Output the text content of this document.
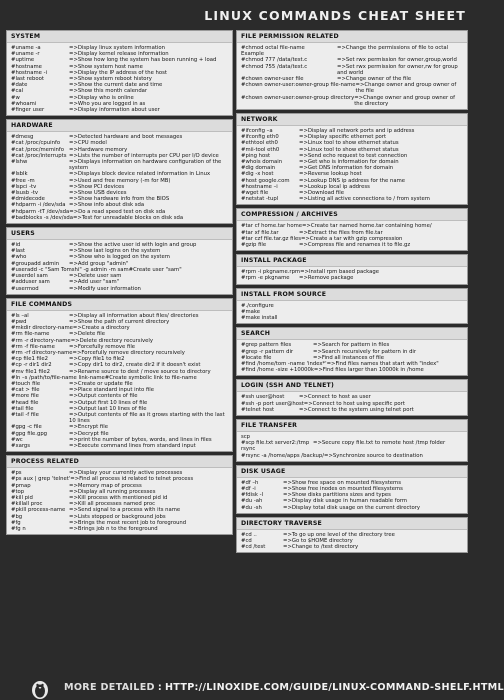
LINUX COMMANDS CHEAT SHEET
SYSTEM
#uname -a	=>Display linux system information
#uname -r	=>Display kernel release information
#uptime	=>Show how long the system has been running + load
#hostname	=>Show system host name
#hostname -i	=>Display the IP address of the host
#last reboot	=>Show system reboot history
#date	=>Show the current date and time
#cal	=>Show this month calendar
#w	=>Display who is online
#whoami	=>Who you are logged in as
#finger user	=>Display information about user
HARDWARE
#dmesg	=>Detected hardware and boot messages
#cat /proc/cpuinfo	=>CPU model
#cat /proc/meminfo =>Hardware memory
#cat /proc/interrupts =>Lists the number of interrupts per CPU per I/O device
#lshw	=>Displays information on hardware configuration of the system
#lsblk	=>Displays block device related information in Linux
#free -m	=>Used and free memory (-m for MB)
#lspci -tv	=>Show PCI devices
#lsusb -tv	=>Show USB devices
#dmidecode	=>Show hardware info from the BIOS
#hdparm -i /dev/sda =>Show info about disk sda
#hdparm -tT /dev/sda =>Do a read speed test on disk sda
#badblocks -s /dev/sda =>Test for unreadable blocks on disk sda
USERS
#id	=>Show the active user id with login and group
#last	=>Show last logins on the system
#who	=>Show who is logged on the system
#groupadd admin	=>Add group "admin"
#useradd -c "Sam Tomshi" -g admin -m sam #Create user "sam"
#userdel sam	=>Delete user sam
#adduser sam	=>Add user "sam"
#usermod	=>Modify user information
FILE COMMANDS
#ls –al	=>Display all information about files/ directories
#pwd	=>Show the path of current directory
#mkdir directory-name =>Create a directory
#rm file-name	=>Delete file
#rm -r directory-name =>Delete directory recursively
#rm -f file-name	=>Forcefully remove file
#rm -rf directory-name =>Forcefully remove directory recursively
#cp file1 file2	=>Copy file1 to file2
#cp -r dir1 dir2	=>Copy dir1 to dir2, create dir2 if it doesn't exist
#mv file1 file2	=>Rename source to dest / move source to directory
#ln –s /path/to/file-name link-name #Create symbolic link to file-name
#touch file	=>Create or update file
#cat > file	=>Place standard input into file
#more file	=>Output contents of file
#head file	=>Output first 10 lines of file
#tail file	=>Output last 10 lines of file
#tail -f file	=>Output contents of file as it grows starting with the last 10 lines
#gpg -c file	=>Encrypt file
#gpg file.gpg	=>Decrypt file
#wc	=>print the number of bytes, words, and lines in files
#xargs	=>Execute command lines from standard input
PROCESS RELATED
#ps	=>Display your currently active processes
#ps aux | grep 'telnet' =>Find all process id related to telnet process
#pmap	=>Memory map of process
#top	=>Display all running processes
#kill pid	=>Kill process with mentioned pid id
#killall proc	=>Kill all processes named proc
#pkill process-name =>Send signal to a process with its name
#bg	=>Lists stopped or background jobs
#fg	=>Brings the most recent job to foreground
#fg n	=>Brings job n to the foreground
FILE PERMISSION RELATED
#chmod octal file-name	=>Change the permissions of file to octal
Example
#chmod 777 /data/test.c	=>Set rwx permission for owner,group,world
#chmod 755 /data/test.c	=>Set rwx permission for owner,rw for group and world
#chown owner-user file	=>Change owner of the file
#chown owner-user:owner-group file-name =>Change owner and group owner of the file
#chown owner-user:owner-group directory =>Change owner and group owner of the directory
NETWORK
#ifconfig –a	=>Display all network ports and ip address
#ifconfig eth0	=>Display specific ethernet port
#ethtool eth0	=>Linux tool to show ethernet status
#mii-tool eth0	=>Linux tool to show ethernet status
#ping host	=>Send echo request to test connection
#whois domain	=>Get who is information for domain
#dig domain	=>Get DNS information for domain
#dig -x host	=>Reverse lookup host
#host google.com	=>Lookup DNS ip address for the name
#hostname –i	=>Lookup local ip address
#wget file	=>Download file
#netstat -tupl	=>Listing all active connections to / from system
COMPRESSION / ARCHIVES
#tar cf home.tar home =>Create tar named home.tar containing home/
#tar xf file.tar	=>Extract the files from file.tar
#tar czf file.tar.gz files =>Create a tar with gzip compression
#gzip file	=>Compress file and renames it to file.gz
INSTALL PACKAGE
#rpm -i pkgname.rpm =>Install rpm based package
#rpm -e pkgname	=>Remove package
INSTALL FROM SOURCE
#./configure
#make
#make install
SEARCH
#grep pattern files	=>Search for pattern in files
#grep -r pattern dir	=>Search recursively for pattern in dir
#locate file	=>Find all instances of file
#find /home/tom -name 'index*' =>Find files names that start with "index"
#find /home -size +10000k =>Find files larger than 10000k in /home
LOGIN (SSH AND TELNET)
#ssh user@host	=>Connect to host as user
#ssh -p port user@host =>Connect to host using specific port
#telnet host	=>Connect to the system using telnet port
FILE TRANSFER
scp
#scp file.txt server2:/tmp =>Secure copy file.txt to remote host /tmp folder
rsync
#rsync -a /home/apps /backup/ =>Synchronize source to destination
DISK USAGE
#df –h	=>Show free space on mounted filesystems
#df -i	=>Show free inodes on mounted filesystems
#fdisk -l	=>Show disks partitions sizes and types
#du -ah	=>Display disk usage in human readable form
#du -sh	=>Display total disk usage on the current directory
DIRECTORY TRAVERSE
#cd ..	=>To go up one level of the directory tree
#cd	=>Go to $HOME directory
#cd /test	=>Change to /test directory
MORE DETAILED : HTTP://LINOXIDE.COM/GUIDE/LINUX-COMMAND-SHELF.HTML
